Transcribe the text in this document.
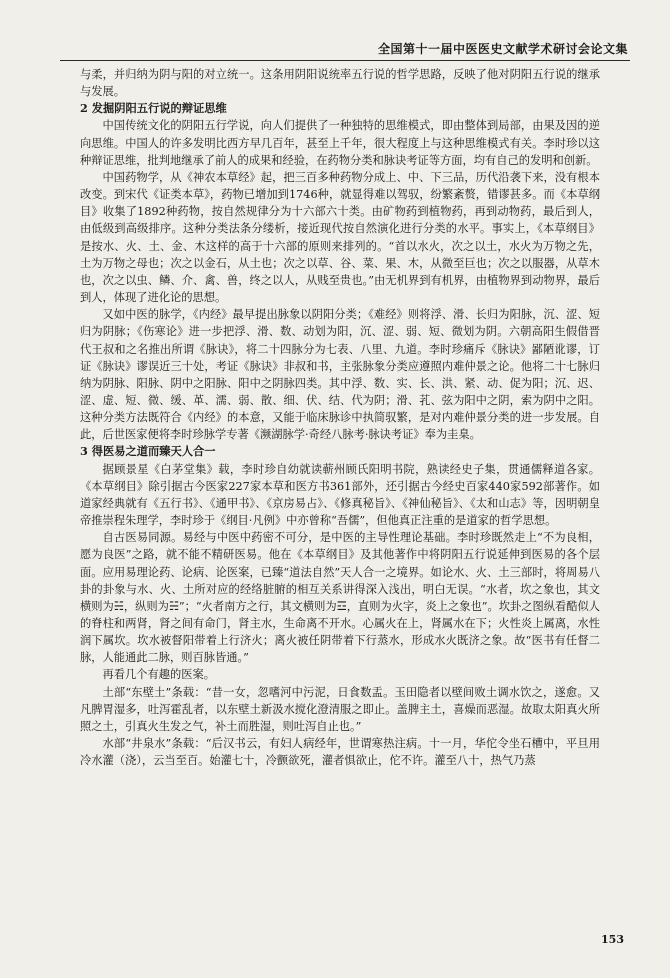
全国第十一届中医医史文献学术研讨会论文集

与柔，并归纳为阴与阳的对立统一。这条用阴阳说统率五行说的哲学思路，反映了他对阴阳五行说的继承与发展。

2 发掘阴阳五行说的辩证思维

中国传统文化的阴阳五行学说，向人们提供了一种独特的思维模式，即由整体到局部，由果及因的逆向思维。中国人的许多发明比西方早几百年，甚至上千年，很大程度上与这种思维模式有关。李时珍以这种辩证思维，批判地继承了前人的成果和经验，在药物分类和脉诀考证等方面，均有自己的发明和创新。

中国药物学，从《神农本草经》起，把三百多种药物分成上、中、下三品，历代沿袭下来，没有根本改变。到宋代《证类本草》，药物已增加到1746种，就显得难以驾驭，纷繁紊赘，错谬甚多。而《本草纲目》收集了1892种药物，按自然规律分为十六部六十类。由矿物药到植物药，再到动物药，最后到人，由低级到高级排序。这种分类法条分缕析，接近现代按自然演化进行分类的水平。事实上，《本草纲目》是按水、火、土、金、木这样的高于十六部的原则来排列的。“首以水火，次之以土，水火为万物之先，土为万物之母也；次之以金石，从土也；次之以草、谷、菜、果、木，从微至巨也；次之以服器，从草木也，次之以虫、鳞、介、禽、兽，终之以人，从贱至贵也。”由无机界到有机界，由植物界到动物界，最后到人，体现了进化论的思想。

又如中医的脉学，《内经》最早提出脉象以阴阳分类；《难经》则将浮、滑、长归为阳脉，沉、涩、短归为阴脉；《伤寒论》进一步把浮、滑、数、动划为阳，沉、涩、弱、短、微划为阴。六朝高阳生假借晋代王叔和之名推出所谓《脉诀》，将二十四脉分为七表、八里、九道。李时珍痛斥《脉诀》鄙陋讹谬，订证《脉诀》谬误近三十处，考证《脉诀》非叔和书，主张脉象分类应遵照内难仲景之论。他将二十七脉归纳为阴脉、阳脉、阴中之阳脉、阳中之阴脉四类。其中浮、数、实、长、洪、紧、动、促为阳；沉、迟、涩、虚、短、微、缓、革、濡、弱、散、细、伏、结、代为阴；滑、芤、弦为阳中之阴，索为阴中之阳。这种分类方法既符合《内经》的本意，又能于临床脉诊中执简驭繁，是对内难仲景分类的进一步发展。自此，后世医家便将李时珍脉学专著《濒湖脉学·奇经八脉考·脉诀考证》奉为圭臬。

3 得医易之道而臻天人合一

据顾景星《白茅堂集》载，李时珍自幼就读蕲州顾氏阳明书院，熟读经史子集，贯通儒释道各家。《本草纲目》除引据古今医家227家本草和医方书361部外，还引据古今经史百家440家592部著作。如道家经典就有《五行书》、《通甲书》、《京房易占》、《修真秘旨》、《神仙秘旨》、《太和山志》等，因明朝皇帝推崇程朱理学，李时珍于《纲目·凡例》中亦曾称“吾儒”，但他真正注重的是道家的哲学思想。

自古医易同源。易经与中医中药密不可分，是中医的主导性理论基础。李时珍既然走上“不为良相，愿为良医”之路，就不能不精研医易。他在《本草纲目》及其他著作中将阴阳五行说延伸到医易的各个层面。应用易理论药、论病、论医案，已臻“道法自然”天人合一之境界。如论水、火、土三部时，将周易八卦的卦象与水、火、土所对应的经络脏腑的相互关系讲得深入浅出，明白无误。“水者，坎之象也，其文横则为☵，纵则为☵”；“火者南方之行，其文横则为☲，直则为火字，炎上之象也”。坎卦之图纵看酷似人的脊柱和两肾，肾之间有命门，肾主水，生命离不开水。心属火在上，肾属水在下；火性炎上属离，水性润下属坎。坎水被督阳带着上行济火；离火被任阴带着下行蒸水，形成水火既济之象。故“医书有任督二脉，人能通此二脉，则百脉皆通。”

再看几个有趣的医案。

土部“东壁土”条载：“昔一女，忽嗜河中污泥，日食数盂。玉田隐者以壁间败土调水饮之，遂愈。又凡脾胃湿多，吐泻霍乱者，以东壁土新汲水搅化澄清服之即止。盖脾主土，喜燥而恶湿。故取太阳真火所照之土，引真火生发之气，补土而胜湿，则吐泻自止也。”

水部“井泉水”条载：“后汉书云，有妇人病经年，世谓寒热注病。十一月，华佗令坐石槽中，平旦用冷水灌（浇），云当至百。始灌七十，冷颤欲死，灌者惧欲止，佗不许。灌至八十，热气乃蒸

153
